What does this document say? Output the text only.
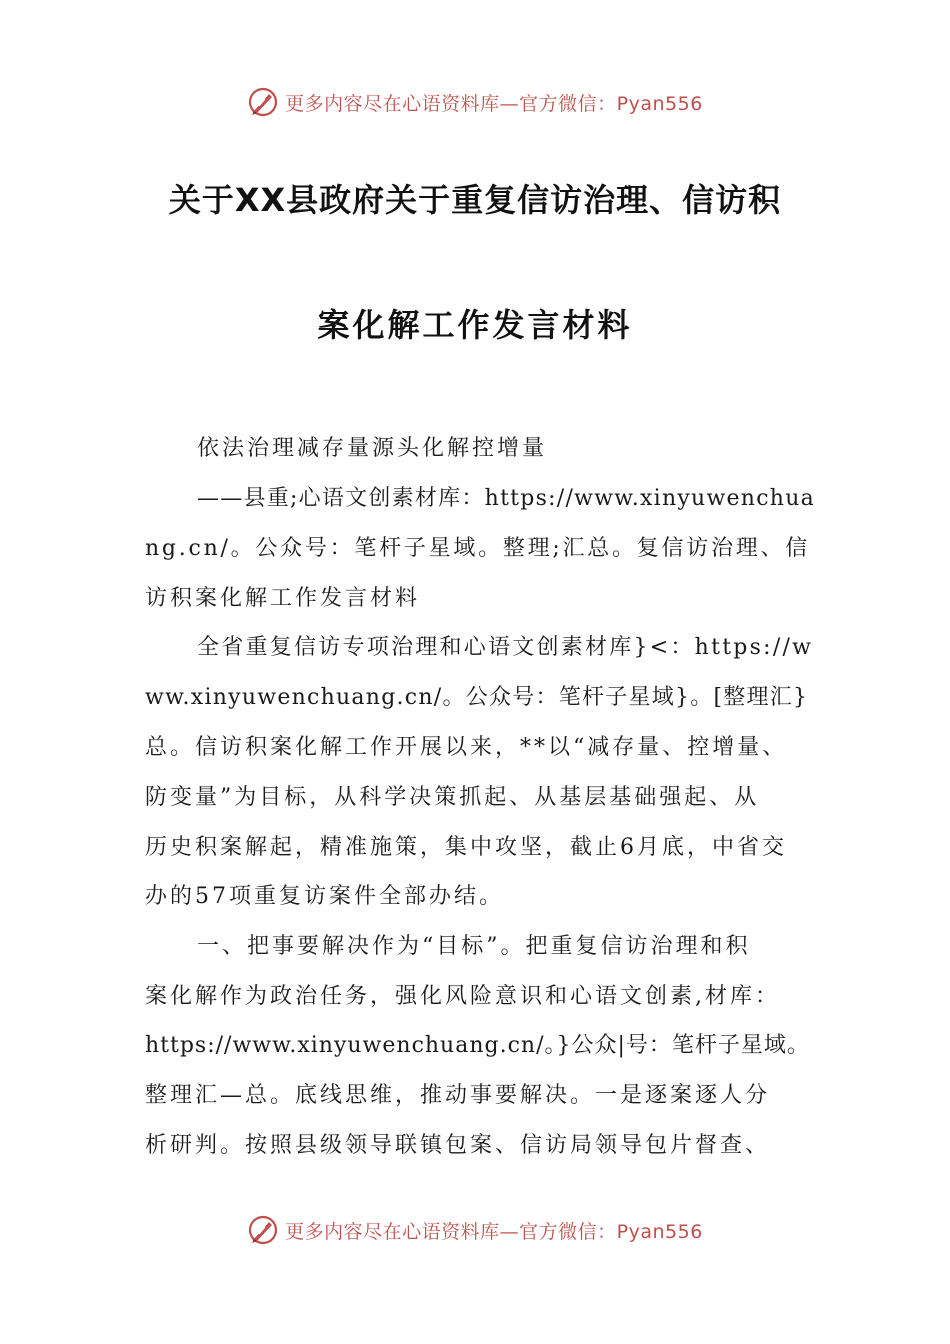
更多内容尽在心语资料库—官方微信：Pyan556
关于XX县政府关于重复信访治理、信访积
案化解工作发言材料

依法治理减存量源头化解控增量

——县重;心语文创素材库：https://www.xinyuwenchua

ng.cn/。公众号：笔杆子星域。整理;汇总。复信访治理、信

访积案化解工作发言材料

全省重复信访专项治理和心语文创素材库}<：https://w

ww.xinyuwenchuang.cn/。公众号：笔杆子星域}。[整理汇}

总。信访积案化解工作开展以来，**以“减存量、控增量、

防变量”为目标，从科学决策抓起、从基层基础强起、从

历史积案解起，精准施策，集中攻坚，截止6月底，中省交

办的57项重复访案件全部办结。

一、把事要解决作为“目标”。把重复信访治理和积

案化解作为政治任务，强化风险意识和心语文创素,材库：

https://www.xinyuwenchuang.cn/。}公众|号：笔杆子星域。

整理汇—总。底线思维，推动事要解决。一是逐案逐人分

析研判。按照县级领导联镇包案、信访局领导包片督查、

更多内容尽在心语资料库—官方微信：Pyan556
